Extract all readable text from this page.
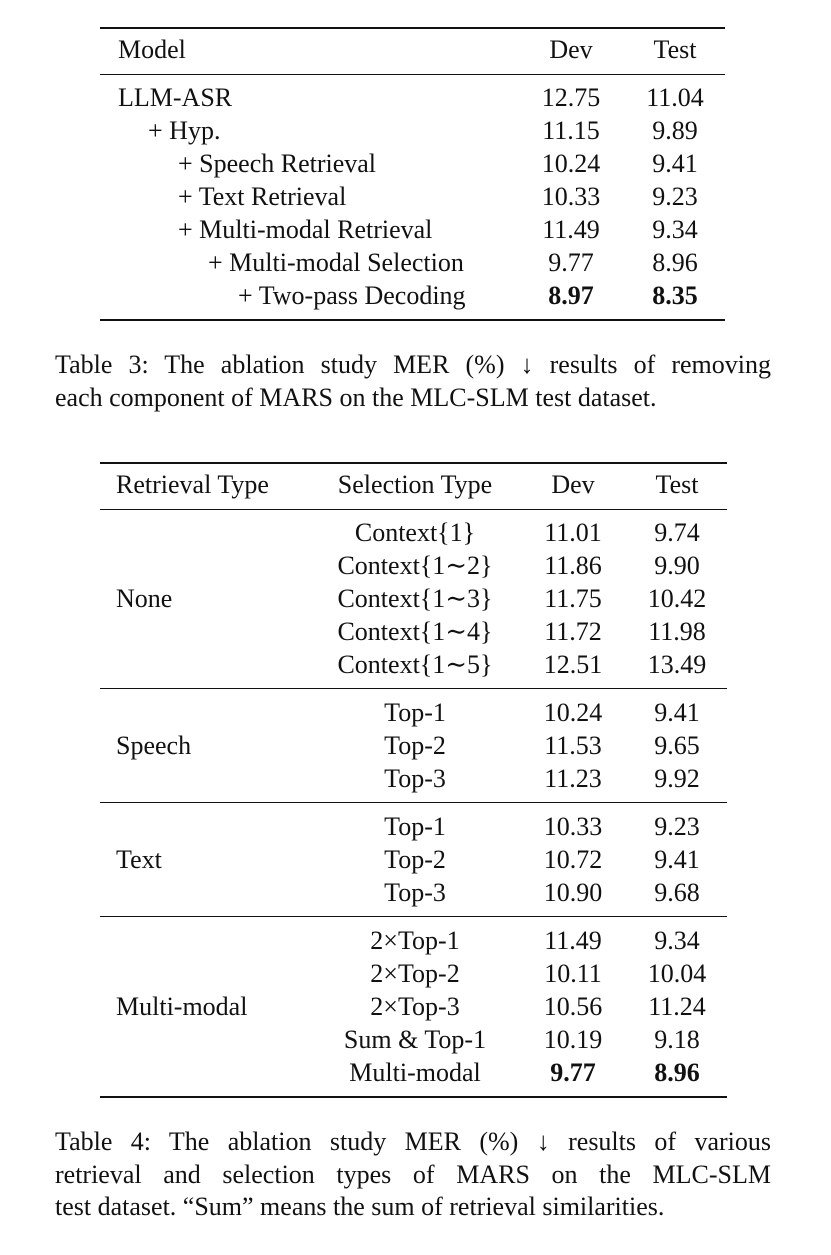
Model	Dev Test
LLM-ASR	12.75 11.04
+ Hyp.	11.15 9.89
+ Speech Retrieval	10.24 9.41
+ Text Retrieval	10.33 9.23
+ Multi-modal Retrieval	11.49 9.34
+ Multi-modal Selection	9.77 8.96
+ Two-pass Decoding	8.97 8.35
Table 3: The ablation study MER (%) ↓ results of removing
each component of MARS on the MLC-SLM test dataset.
Retrieval Type	Selection Type Dev Test
None
Context{1}	11.01 9.74
Context{1∼2} 11.86 9.90
Context{1∼3} 11.75 10.42
Context{1∼4} 11.72 11.98
Context{1∼5} 12.51 13.49
Speech
Top-1	10.24 9.41
Top-2	11.53 9.65
Top-3	11.23 9.92
Text
Top-1	10.33 9.23
Top-2	10.72 9.41
Top-3	10.90 9.68
Multi-modal
2×Top-1	11.49 9.34
2×Top-2	10.11 10.04
2×Top-3	10.56 11.24
Sum & Top-1 10.19 9.18
Multi-modal	9.77 8.96
Table 4: The ablation study MER (%) ↓ results of various
retrieval and selection types of MARS on the MLC-SLM
test dataset. “Sum” means the sum of retrieval similarities.
